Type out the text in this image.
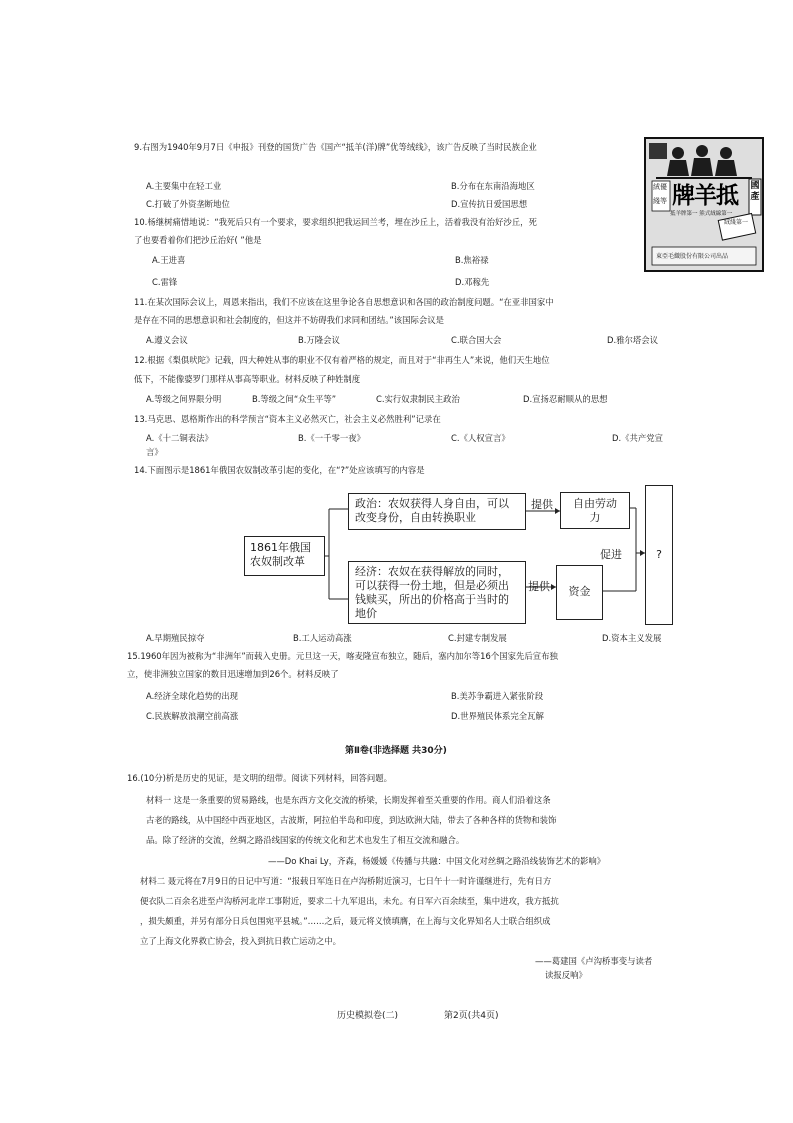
9.右图为1940年9月7日《申报》刊登的国货广告《国产“抵羊(洋)牌”优等绒线》，该广告反映了当时民族企业
A.主要集中在轻工业	B.分布在东南沿海地区
C.打破了外资垄断地位	D.宣传抗日爱国思想	牌羊抵 國產
絨優
綫等
絨綫第一
抵羊牌第一 熊式絨線第一
東亞毛織股份有限公司出品
10.杨继树痛惜地说：“我死后只有一个要求，要求组织把我运回兰考，埋在沙丘上，活着我没有治好沙丘，死
了也要看着你们把沙丘治好( ”他是
A.王进喜	B.焦裕禄
C.雷锋	D.邓稼先
11.在某次国际会议上，周恩来指出，我们不应该在这里争论各自思想意识和各国的政治制度问题。“在亚非国家中
是存在不同的思想意识和社会制度的，但这并不妨碍我们求同和团结。”该国际会议是
A.遵义会议	B.万隆会议	C.联合国大会	D.雅尔塔会议
12.根据《梨俱吠陀》记载，四大种姓从事的职业不仅有着严格的规定，而且对于“非再生人”来说，他们天生地位
低下，不能像婆罗门那样从事高等职业。材料反映了种姓制度
A.等级之间界限分明	B.等级之间“众生平等”	C.实行奴隶制民主政治	D.宣扬忍耐顺从的思想
13.马克思、恩格斯作出的科学预言“资本主义必然灭亡，社会主义必然胜利”记录在
A.《十二铜表法》	B.《一千零一夜》	C.《人权宣言》	D.《共产党宣
言》
14.下面图示是1861年俄国农奴制改革引起的变化，在“?”处应该填写的内容是
1861年俄国农奴制改革
政治：农奴获得人身自由，可以改变身份，自由转换职业
经济：农奴在获得解放的同时，可以获得一份土地，但是必须出钱赎买，所出的价格高于当时的地价
提供
提供
自由劳动力
资金
促进	?
A.早期殖民掠夺	B.工人运动高涨	C.封建专制发展	D.资本主义发展
15.1960年因为被称为“非洲年”而载入史册。元旦这一天，喀麦隆宣布独立，随后，塞内加尔等16个国家先后宣布独
立，使非洲独立国家的数目迅速增加到26个。材料反映了
A.经济全球化趋势的出现	B.美苏争霸进入紧张阶段
C.民族解放浪潮空前高涨	D.世界殖民体系完全瓦解
第Ⅱ卷(非选择题 共30分)
16.(10分)析是历史的见证，是文明的纽带。阅读下列材料，回答问题。
材料一 这是一条重要的贸易路线，也是东西方文化交流的桥梁，长期发挥着至关重要的作用。商人们沿着这条
古老的路线，从中国经中西亚地区，古波斯，阿拉伯半岛和印度，到达欧洲大陆，带去了各种各样的货物和装饰
品。除了经济的交流，丝绸之路沿线国家的传统文化和艺术也发生了相互交流和融合。
——Do Khai Ly，齐森，杨媛媛《传播与共融：中国文化对丝绸之路沿线装饰艺术的影响》
材料二 聂元将在7月9日的日记中写道：“报载日军连日在卢沟桥附近演习，七日午十一时许谨继进行，先有日方
便衣队二百余名进至卢沟桥河北岸工事附近，要求二十九军退出，未允。有日军六百余续至，集中进攻，我方抵抗
，损失颇重，并另有部分日兵包围宛平县城。”……之后，聂元将义愤填膺，在上海与文化界知名人士联合组织成
立了上海文化界救亡协会，投入到抗日救亡运动之中。
——葛建国《卢沟桥事变与读者
读报反响》
历史模拟卷(二)	第2页(共4页)
